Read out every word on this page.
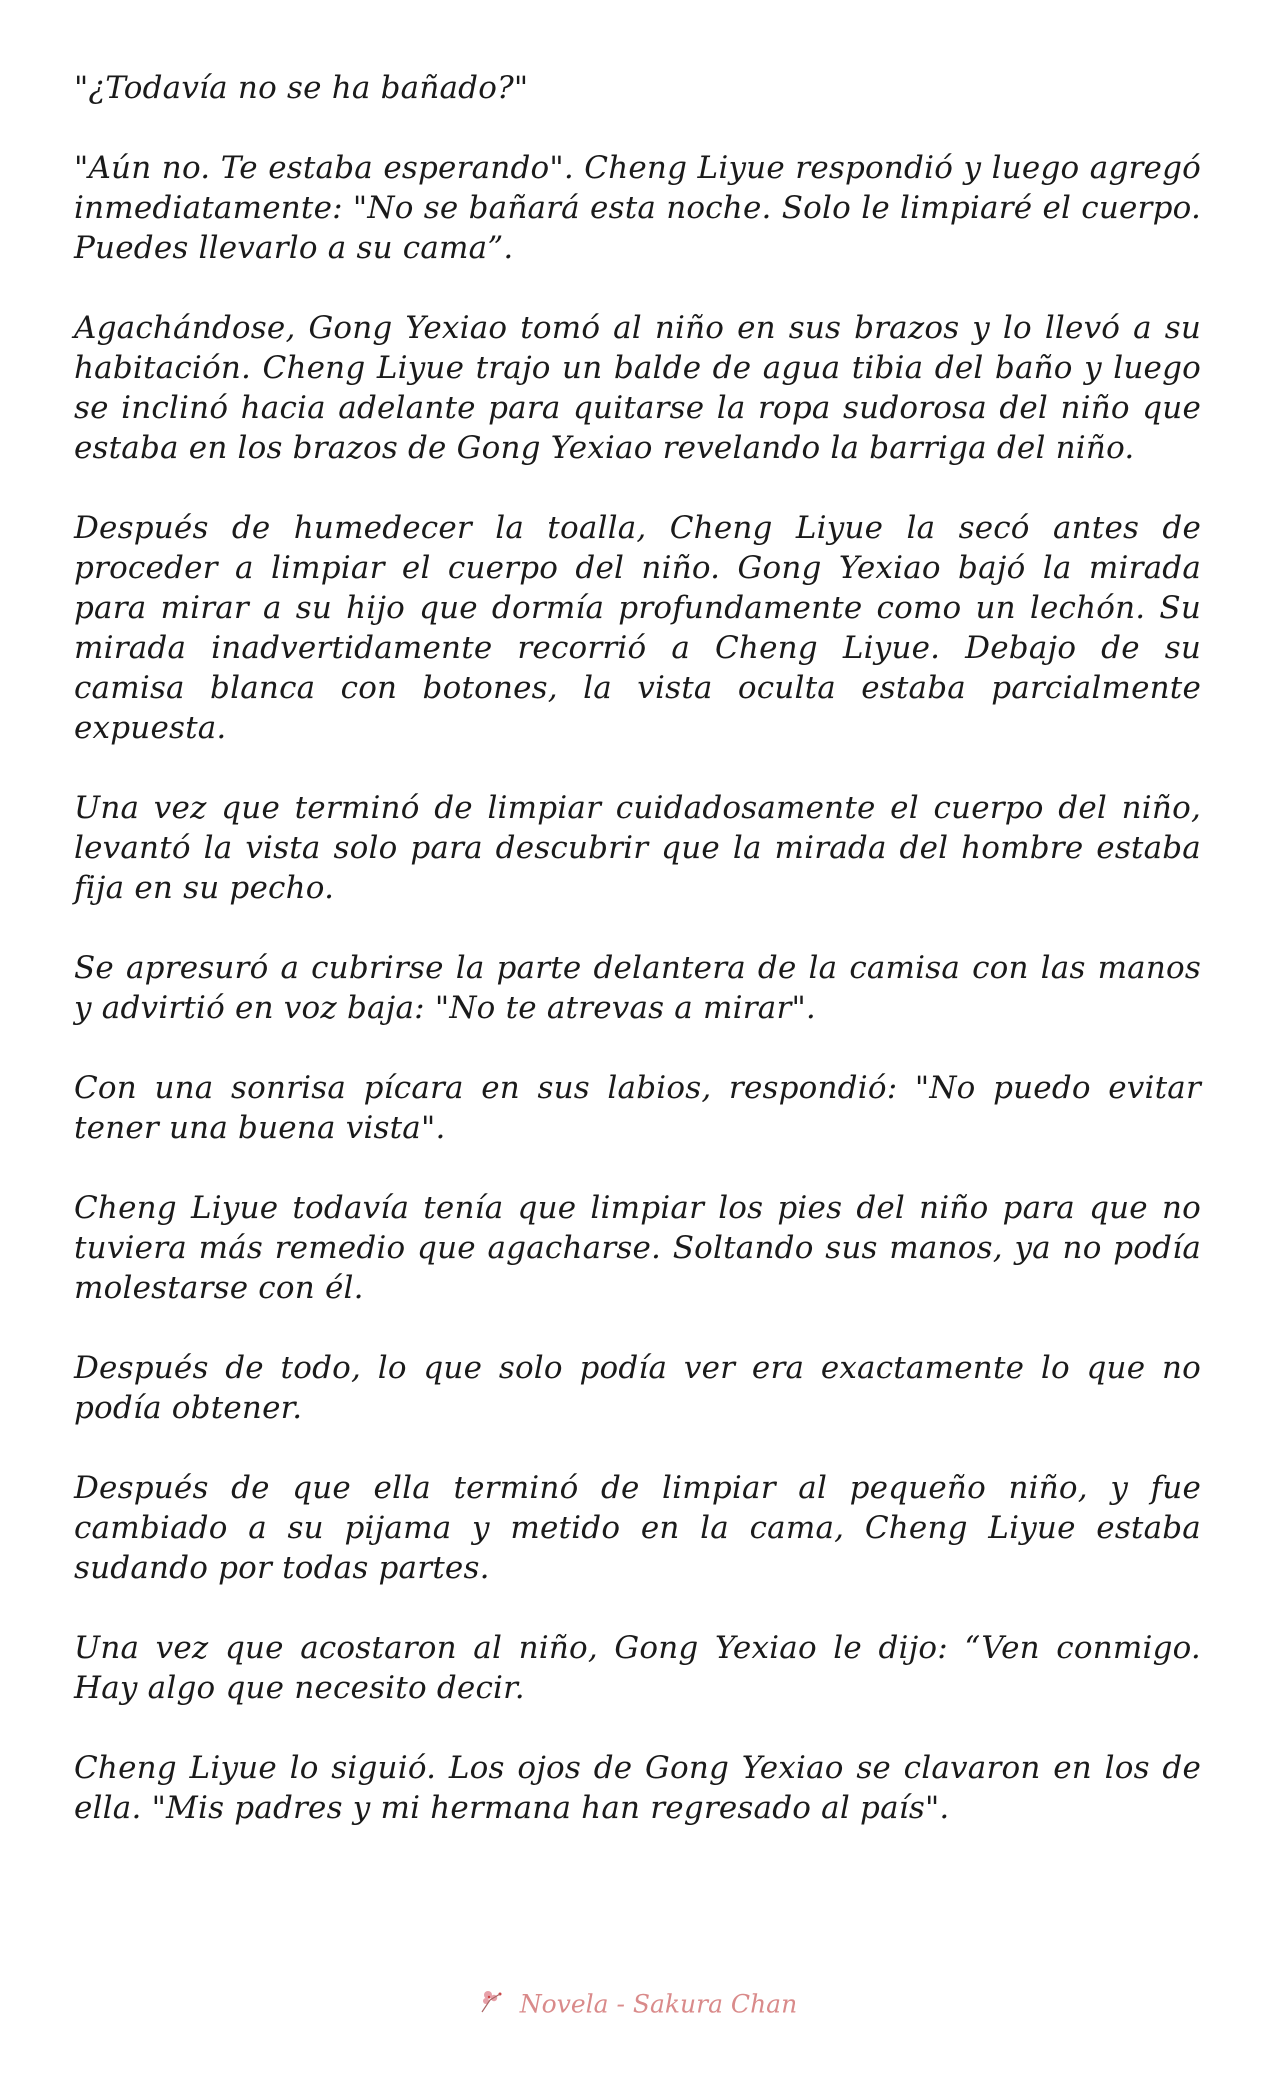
"¿Todavía no se ha bañado?"

"Aún no. Te estaba esperando". Cheng Liyue respondió y luego agregó inmediatamente: "No se bañará esta noche. Solo le limpiaré el cuerpo. Puedes llevarlo a su cama”.

Agachándose, Gong Yexiao tomó al niño en sus brazos y lo llevó a su habitación. Cheng Liyue trajo un balde de agua tibia del baño y luego se inclinó hacia adelante para quitarse la ropa sudorosa del niño que estaba en los brazos de Gong Yexiao revelando la barriga del niño.

Después de humedecer la toalla, Cheng Liyue la secó antes de proceder a limpiar el cuerpo del niño. Gong Yexiao bajó la mirada para mirar a su hijo que dormía profundamente como un lechón. Su mirada inadvertidamente recorrió a Cheng Liyue. Debajo de su camisa blanca con botones, la vista oculta estaba parcialmente expuesta.

Una vez que terminó de limpiar cuidadosamente el cuerpo del niño, levantó la vista solo para descubrir que la mirada del hombre estaba fija en su pecho.

Se apresuró a cubrirse la parte delantera de la camisa con las manos y advirtió en voz baja: "No te atrevas a mirar".

Con una sonrisa pícara en sus labios, respondió: "No puedo evitar tener una buena vista".

Cheng Liyue todavía tenía que limpiar los pies del niño para que no tuviera más remedio que agacharse. Soltando sus manos, ya no podía molestarse con él.

Después de todo, lo que solo podía ver era exactamente lo que no podía obtener.

Después de que ella terminó de limpiar al pequeño niño, y fue cambiado a su pijama y metido en la cama, Cheng Liyue estaba sudando por todas partes.

Una vez que acostaron al niño, Gong Yexiao le dijo: “Ven conmigo. Hay algo que necesito decir.

Cheng Liyue lo siguió. Los ojos de Gong Yexiao se clavaron en los de ella. "Mis padres y mi hermana han regresado al país".

Novela - Sakura Chan
